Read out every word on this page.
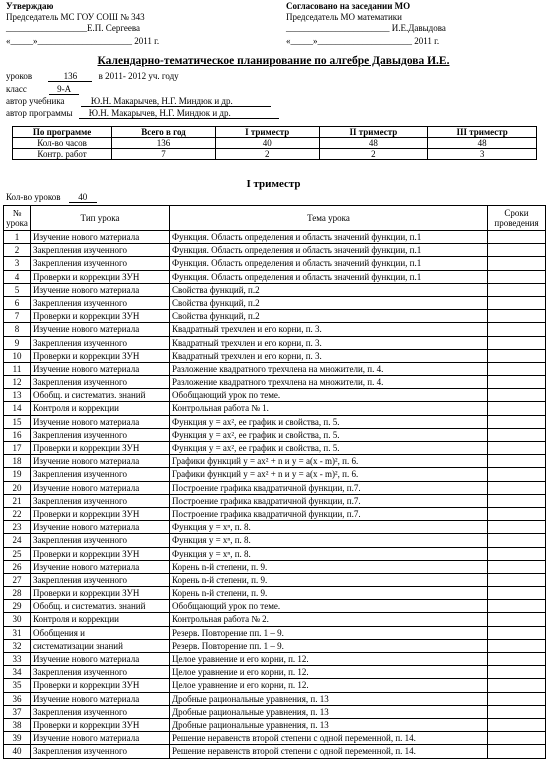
Утверждаю
Председатель МС ГОУ СОШ № 343
__________________Е.П. Сергеева
«_____»_____________________ 2011 г.
Согласовано на заседании МО
Председатель МО математики
_______________________ И.Е.Давыдова
«_____»_____________________ 2011 г.
Календарно-тематическое планирование по алгебре Давыдова И.Е.
уроков	136 в 2011- 2012 уч. году
класс	9-А
автор учебника	Ю.Н. Макарычев, Н.Г. Миндюк и др.
автор программы Ю.Н. Макарычев, Н.Г. Миндюк и др.
По программе	Всего в год	I триместр	II триместр	III триместр
Кол-во часов	136	40	48	48
Контр. работ	7	2	2	3
I триместр
Кол-во уроков 40
№ урока	Тип урока	Тема урока	Сроки проведения
1	Изучение нового материала	Функция. Область определения и область значений функции, п.1	
2	Закрепления изученного	Функция. Область определения и область значений функции, п.1	
3	Закрепления изученного	Функция. Область определения и область значений функции, п.1	
4	Проверки и коррекции ЗУН	Функция. Область определения и область значений функции, п.1	
5	Изучение нового материала	Свойства функций, п.2	
6	Закрепления изученного	Свойства функций, п.2	
7	Проверки и коррекции ЗУН	Свойства функций, п.2	
8	Изучение нового материала	Квадратный трехчлен и его корни, п. 3.	
9	Закрепления изученного	Квадратный трехчлен и его корни, п. 3.	
10	Проверки и коррекции ЗУН	Квадратный трехчлен и его корни, п. 3.	
11	Изучение нового материала	Разложение квадратного трехчлена на множители, п. 4.	
12	Закрепления изученного	Разложение квадратного трехчлена на множители, п. 4.	
13	Обобщ. и систематиз. знаний	Обобщающий урок по теме.	
14	Контроля и коррекции	Контрольная работа № 1.	
15	Изучение нового материала	Функция y = ax², ее график и свойства, п. 5.	
16	Закрепления изученного	Функция y = ax², ее график и свойства, п. 5.	
17	Проверки и коррекции ЗУН	Функция y = ax², ее график и свойства, п. 5.	
18	Изучение нового материала	Графики функций y = ax² + n и y = a(x - m)², п. 6.	
19	Закрепления изученного	Графики функций y = ax² + n и y = a(x - m)², п. 6.	
20	Изучение нового материала	Построение графика квадратичной функции, п.7.	
21	Закрепления изученного	Построение графика квадратичной функции, п.7.	
22	Проверки и коррекции ЗУН	Построение графика квадратичной функции, п.7.	
23	Изучение нового материала	Функция y = xⁿ, п. 8.	
24	Закрепления изученного	Функция y = xⁿ, п. 8.	
25	Проверки и коррекции ЗУН	Функция y = xⁿ, п. 8.	
26	Изучение нового материала	Корень n-й степени, п. 9.	
27	Закрепления изученного	Корень n-й степени, п. 9.	
28	Проверки и коррекции ЗУН	Корень n-й степени, п. 9.	
29	Обобщ. и систематиз. знаний	Обобщающий урок по теме.	
30	Контроля и коррекции	Контрольная работа № 2.	
31	Обобщения и	Резерв. Повторение пп. 1 – 9.	
32	систематизации знаний	Резерв. Повторение пп. 1 – 9.	
33	Изучение нового материала	Целое уравнение и его корни, п. 12.	
34	Закрепления изученного	Целое уравнение и его корни, п. 12.	
35	Проверки и коррекции ЗУН	Целое уравнение и его корни, п. 12.	
36	Изучение нового материала	Дробные рациональные уравнения, п. 13	
37	Закрепления изученного	Дробные рациональные уравнения, п. 13	
38	Проверки и коррекции ЗУН	Дробные рациональные уравнения, п. 13	
39	Изучение нового материала	Решение неравенств второй степени с одной переменной, п. 14.	
40	Закрепления изученного	Решение неравенств второй степени с одной переменной, п. 14.	
